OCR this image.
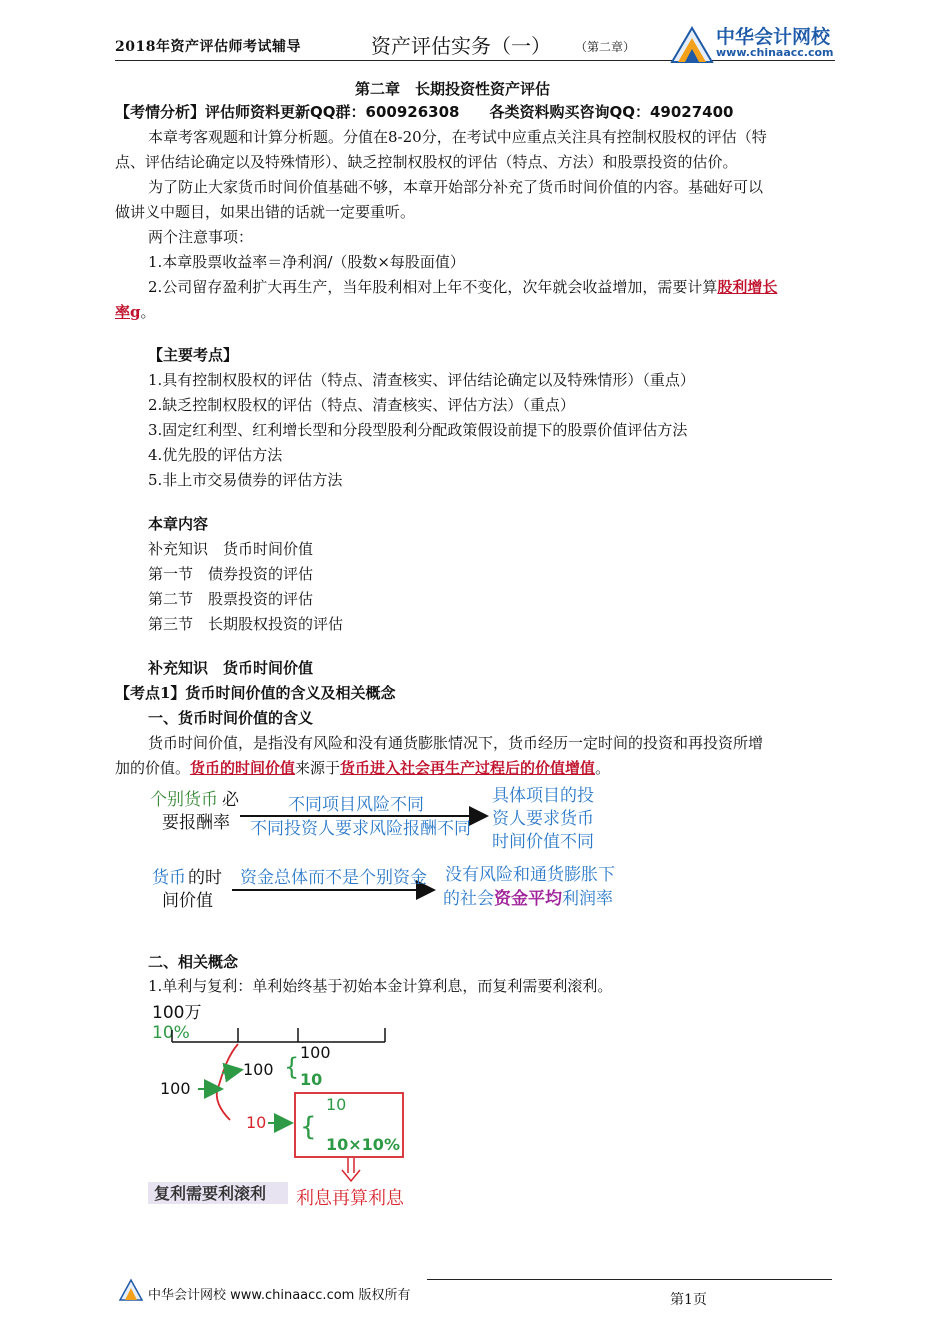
2018年资产评估师考试辅导	资产评估实务（一） （第二章）	中华会计网校
www.chinaacc.com
第二章　长期投资性资产评估
【考情分析】评估师资料更新QQ群：600926308　　各类资料购买咨询QQ：49027400
本章考客观题和计算分析题。分值在8-20分，在考试中应重点关注具有控制权股权的评估（特
点、评估结论确定以及特殊情形）、缺乏控制权股权的评估（特点、方法）和股票投资的估价。
为了防止大家货币时间价值基础不够，本章开始部分补充了货币时间价值的内容。基础好可以
做讲义中题目，如果出错的话就一定要重听。
两个注意事项：
1.本章股票收益率＝净利润/（股数×每股面值）
2.公司留存盈利扩大再生产，当年股利相对上年不变化，次年就会收益增加，需要计算股利增长
率g。
【主要考点】
1.具有控制权股权的评估（特点、清查核实、评估结论确定以及特殊情形）（重点）
2.缺乏控制权股权的评估（特点、清查核实、评估方法）（重点）
3.固定红利型、红利增长型和分段型股利分配政策假设前提下的股票价值评估方法
4.优先股的评估方法
5.非上市交易债券的评估方法
本章内容
补充知识　货币时间价值
第一节　债券投资的评估
第二节　股票投资的评估
第三节　长期股权投资的评估
补充知识　货币时间价值
【考点1】货币时间价值的含义及相关概念
一、货币时间价值的含义
货币时间价值，是指没有风险和没有通货膨胀情况下，货币经历一定时间的投资和再投资所增
加的价值。货币的时间价值来源于货币进入社会再生产过程后的价值增值。
个别货币 必
要报酬率
不同项目风险不同
不同投资人要求风险报酬不同
具体项目的投
资人要求货币
时间价值不同
货币 的时
间价值
资金总体而不是个别资金 没有风险和通货膨胀下
的社会资金平均利润率
二、相关概念
1.单利与复利：单利始终基于初始本金计算利息，而复利需要利滚利。
100万
10%
100
100 {
100
10
10 {
10
10×10%
复利需要利滚利 利息再算利息
中华会计网校 www.chinaacc.com 版权所有	第1页
